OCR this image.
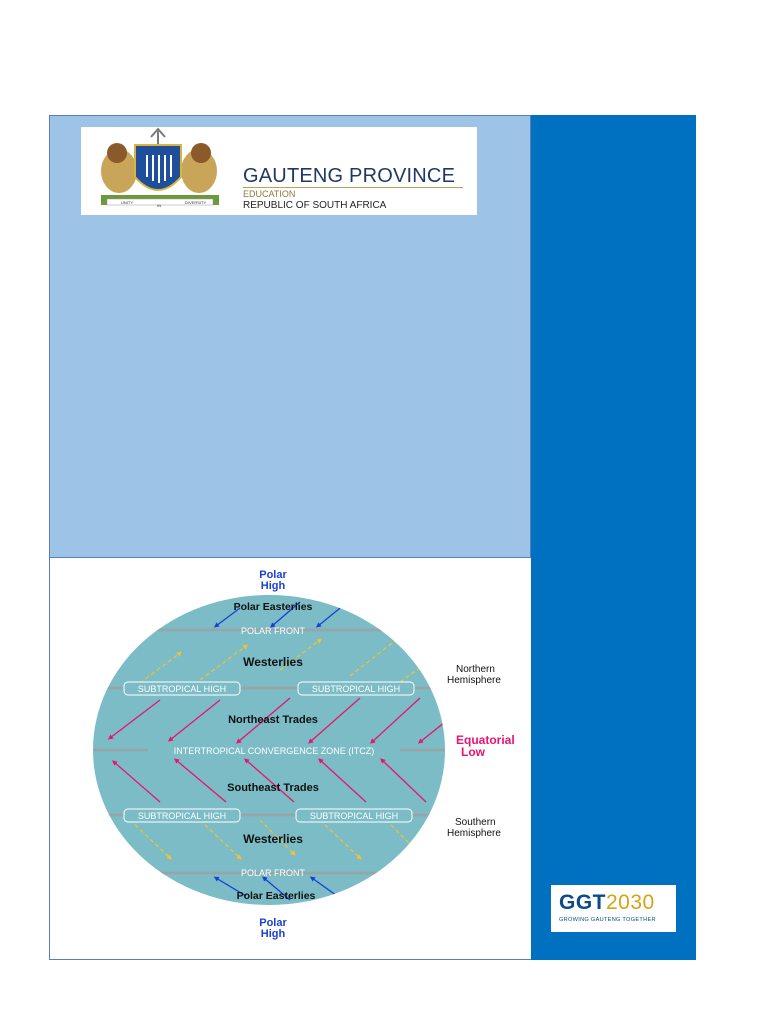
UNITY
IN
DIVERSITY
GAUTENG PROVINCE
EDUCATION
REPUBLIC OF SOUTH AFRICA
Polar
High
Polar
High
Polar Easterlies
POLAR FRONT
Westerlies
SUBTROPICAL HIGH	SUBTROPICAL HIGH
Northeast Trades
INTERTROPICAL CONVERGENCE ZONE (ITCZ)
Southeast Trades
SUBTROPICAL HIGH	SUBTROPICAL HIGH
Westerlies
POLAR FRONT
Polar Easterlies
Northern
Hemisphere
Equatorial
Low
Southern
Hemisphere
GGT2030
GROWING GAUTENG TOGETHER
